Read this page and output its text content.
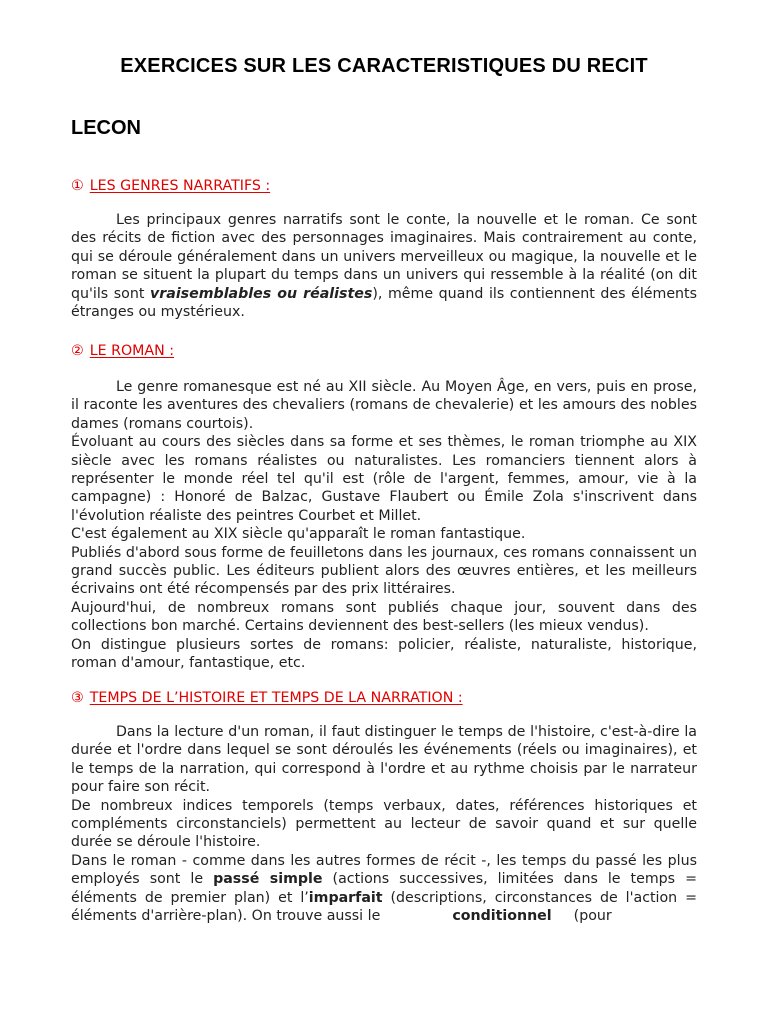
EXERCICES SUR LES CARACTERISTIQUES DU RECIT
LECON
① LES GENRES NARRATIFS :

Les principaux genres narratifs sont le conte, la nouvelle et le roman. Ce sont des récits de fiction avec des personnages imaginaires. Mais contrairement au conte, qui se déroule généralement dans un univers merveilleux ou magique, la nouvelle et le roman se situent la plupart du temps dans un univers qui ressemble à la réalité (on dit qu'ils sont vraisemblables ou réalistes), même quand ils contiennent des éléments étranges ou mystérieux.

② LE ROMAN :

Le genre romanesque est né au XII siècle. Au Moyen Âge, en vers, puis en prose, il raconte les aventures des chevaliers (romans de chevalerie) et les amours des nobles dames (romans courtois).

Évoluant au cours des siècles dans sa forme et ses thèmes, le roman triomphe au XIX siècle avec les romans réalistes ou naturalistes. Les romanciers tiennent alors à représenter le monde réel tel qu'il est (rôle de l'argent, femmes, amour, vie à la campagne) : Honoré de Balzac, Gustave Flaubert ou Émile Zola s'inscrivent dans l'évolution réaliste des peintres Courbet et Millet.

C'est également au XIX siècle qu'apparaît le roman fantastique.

Publiés d'abord sous forme de feuilletons dans les journaux, ces romans connaissent un grand succès public. Les éditeurs publient alors des œuvres entières, et les meilleurs écrivains ont été récompensés par des prix littéraires.

Aujourd'hui, de nombreux romans sont publiés chaque jour, souvent dans des collections bon marché. Certains deviennent des best-sellers (les mieux vendus).

On distingue plusieurs sortes de romans: policier, réaliste, naturaliste, historique, roman d'amour, fantastique, etc.

③ TEMPS DE L’HISTOIRE ET TEMPS DE LA NARRATION :

Dans la lecture d'un roman, il faut distinguer le temps de l'histoire, c'est-à-dire la durée et l'ordre dans lequel se sont déroulés les événements (réels ou imaginaires), et le temps de la narration, qui correspond à l'ordre et au rythme choisis par le narrateur pour faire son récit.

De nombreux indices temporels (temps verbaux, dates, références historiques et compléments circonstanciels) permettent au lecteur de savoir quand et sur quelle durée se déroule l'histoire.

Dans le roman - comme dans les autres formes de récit -, les temps du passé les plus employés sont le passé simple (actions successives, limitées dans le temps = éléments de premier plan) et l’imparfait (descriptions, circonstances de l'action = éléments d'arrière-plan). On trouve aussi le	conditionnel (pour
